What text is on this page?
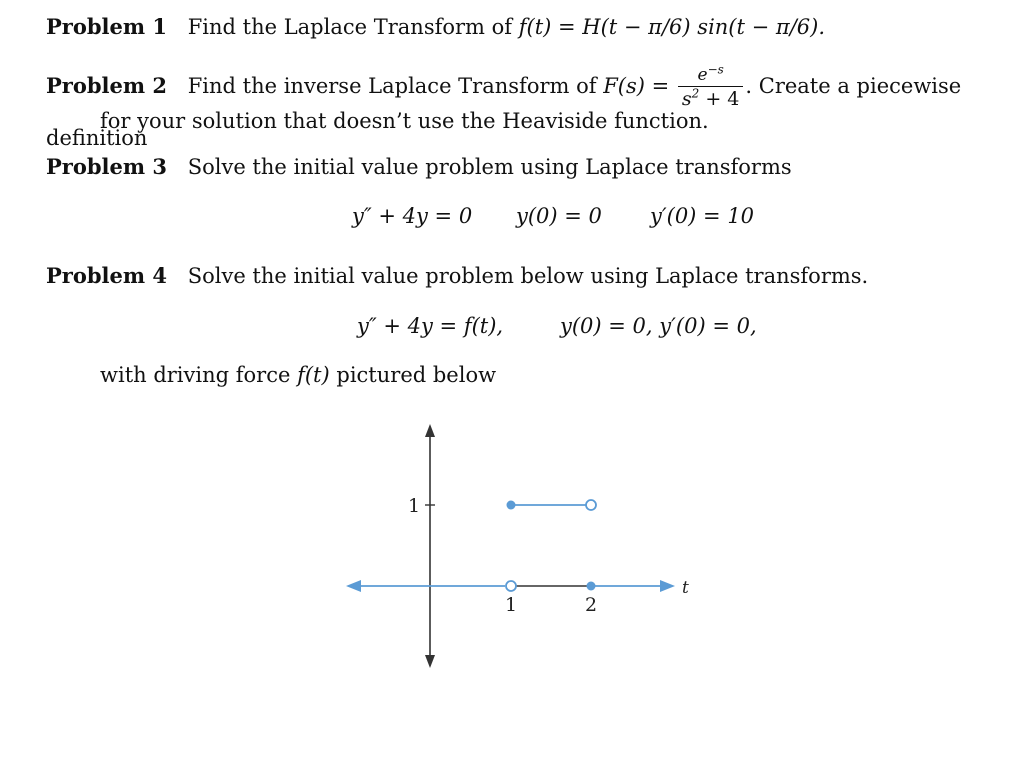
Problem 1 Find the Laplace Transform of f(t) = H(t − π/6) sin(t − π/6).
Problem 2 Find the inverse Laplace Transform of $F(s) = \frac{e^{-s}}{s^2 + 4}$ . Create a piecewise definition
for your solution that doesn’t use the Heaviside function.
Problem 3 Solve the initial value problem using Laplace transforms
y″ + 4y = 0 y(0) = 0 y′(0) = 10
Problem 4 Solve the initial value problem below using Laplace transforms.
y″ + 4y = f(t),	y(0) = 0, y′(0) = 0,
with driving force f(t) pictured below
1
1	2
t
